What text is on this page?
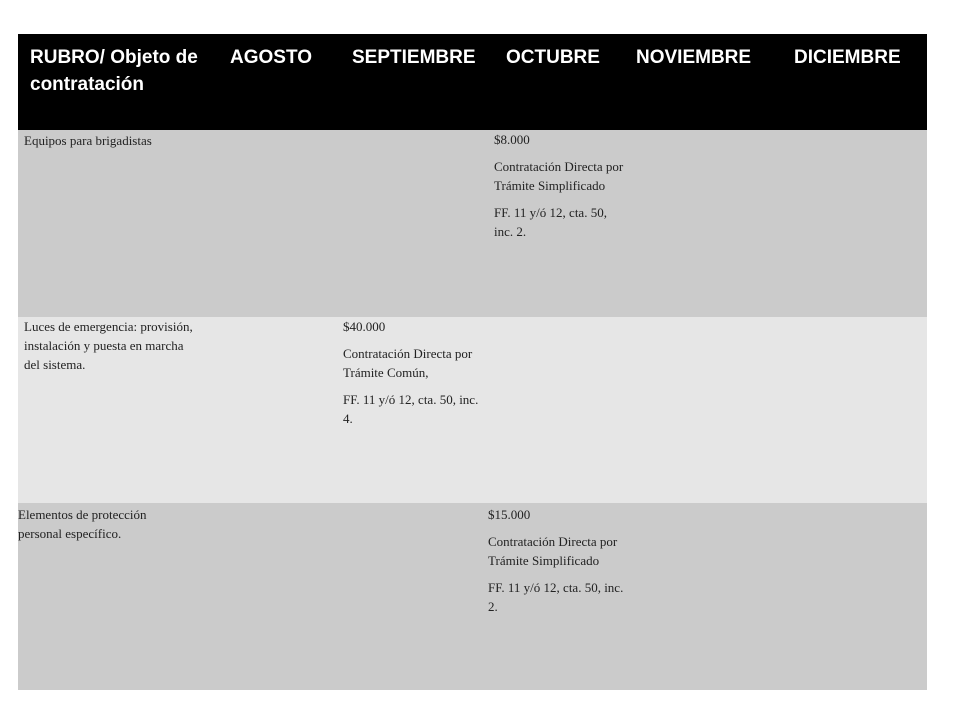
RUBRO/ Objeto de contratación
AGOSTO SEPTIEMBRE OCTUBRE NOVIEMBRE DICIEMBRE
Equipos para brigadistas	$8.000

Contratación Directa por Trámite Simplificado

FF. 11 y/ó 12, cta. 50, inc. 2.

Luces de emergencia: provisión, instalación y puesta en marcha del sistema.

$40.000

Contratación Directa por Trámite Común,

FF. 11 y/ó 12, cta. 50, inc. 4.

Elementos de protección personal específico.

$15.000

Contratación Directa por Trámite Simplificado

FF. 11 y/ó 12, cta. 50, inc. 2.
